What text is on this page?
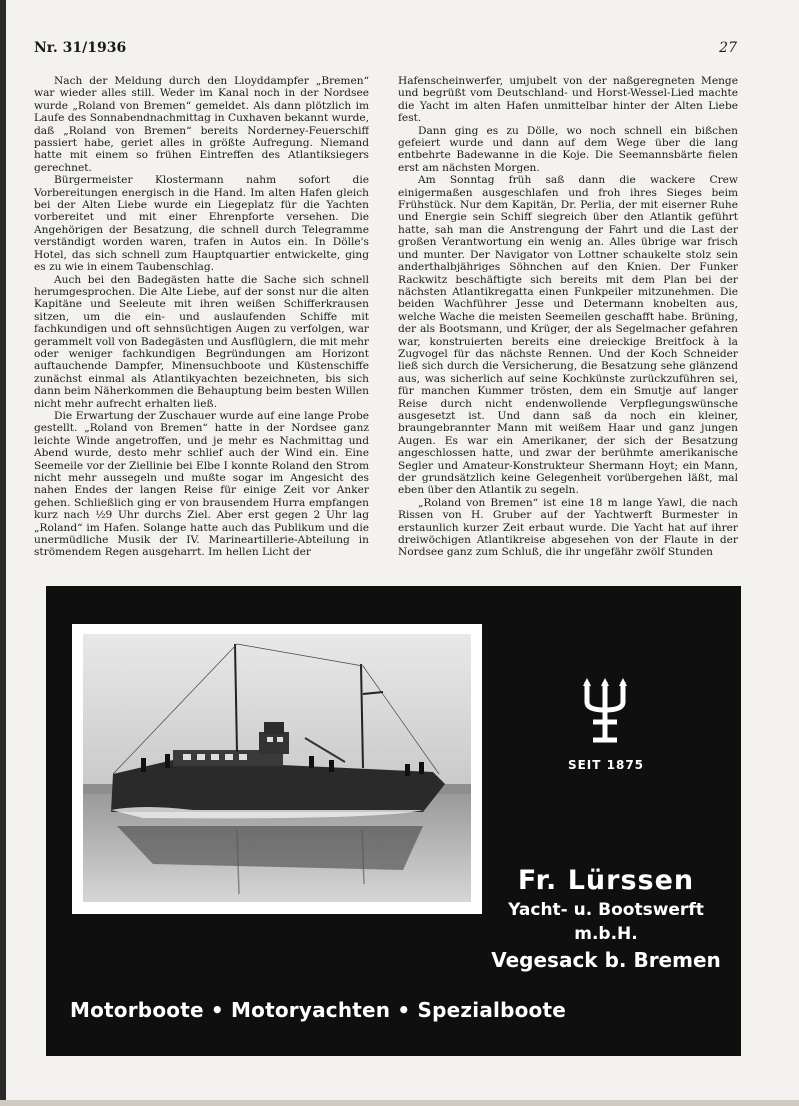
Nr. 31/1936	27

Nach der Meldung durch den Lloyddampfer „Bremen“ war wieder alles still. Weder im Kanal noch in der Nordsee wurde „Roland von Bremen“ gemeldet. Als dann plötzlich im Laufe des Sonnabendnachmittag in Cuxhaven bekannt wurde, daß „Roland von Bremen“ bereits Norderney-Feuerschiff passiert habe, geriet alles in größte Aufregung. Niemand hatte mit einem so frühen Eintreffen des Atlantiksiegers gerechnet.

Bürgermeister Klostermann nahm sofort die Vorbereitungen energisch in die Hand. Im alten Hafen gleich bei der Alten Liebe wurde ein Liegeplatz für die Yachten vorbereitet und mit einer Ehrenpforte versehen. Die Angehörigen der Besatzung, die schnell durch Telegramme verständigt worden waren, trafen in Autos ein. In Dölle's Hotel, das sich schnell zum Hauptquartier entwickelte, ging es zu wie in einem Taubenschlag.

Auch bei den Badegästen hatte die Sache sich schnell herumgesprochen. Die Alte Liebe, auf der sonst nur die alten Kapitäne und Seeleute mit ihren weißen Schifferkrausen sitzen, um die ein- und auslaufenden Schiffe mit fachkundigen und oft sehnsüchtigen Augen zu verfolgen, war gerammelt voll von Badegästen und Ausflüglern, die mit mehr oder weniger fachkundigen Begründungen am Horizont auftauchende Dampfer, Minensuchboote und Küstenschiffe zunächst einmal als Atlantikyachten bezeichneten, bis sich dann beim Näherkommen die Behauptung beim besten Willen nicht mehr aufrecht erhalten ließ.

Die Erwartung der Zuschauer wurde auf eine lange Probe gestellt. „Roland von Bremen“ hatte in der Nordsee ganz leichte Winde angetroffen, und je mehr es Nachmittag und Abend wurde, desto mehr schlief auch der Wind ein. Eine Seemeile vor der Ziellinie bei Elbe I konnte Roland den Strom nicht mehr aussegeln und mußte sogar im Angesicht des nahen Endes der langen Reise für einige Zeit vor Anker gehen. Schließlich ging er von brausendem Hurra empfangen kurz nach ½9 Uhr durchs Ziel. Aber erst gegen 2 Uhr lag „Roland“ im Hafen. Solange hatte auch das Publikum und die unermüdliche Musik der IV. Marineartillerie-Abteilung in strömendem Regen ausgeharrt. Im hellen Licht der

Hafenscheinwerfer, umjubelt von der naßgeregneten Menge und begrüßt vom Deutschland- und Horst-Wessel-Lied machte die Yacht im alten Hafen unmittelbar hinter der Alten Liebe fest.

Dann ging es zu Dölle, wo noch schnell ein bißchen gefeiert wurde und dann auf dem Wege über die lang entbehrte Badewanne in die Koje. Die Seemannsbärte fielen erst am nächsten Morgen.

Am Sonntag früh saß dann die wackere Crew einigermaßen ausgeschlafen und froh ihres Sieges beim Frühstück. Nur dem Kapitän, Dr. Perlia, der mit eiserner Ruhe und Energie sein Schiff siegreich über den Atlantik geführt hatte, sah man die Anstrengung der Fahrt und die Last der großen Verantwortung ein wenig an. Alles übrige war frisch und munter. Der Navigator von Lottner schaukelte stolz sein anderthalbjähriges Söhnchen auf den Knien. Der Funker Rackwitz beschäftigte sich bereits mit dem Plan bei der nächsten Atlantikregatta einen Funkpeiler mitzunehmen. Die beiden Wachführer Jesse und Determann knobelten aus, welche Wache die meisten Seemeilen geschafft habe. Brüning, der als Bootsmann, und Krüger, der als Segelmacher gefahren war, konstruierten bereits eine dreieckige Breitfock à la Zugvogel für das nächste Rennen. Und der Koch Schneider ließ sich durch die Versicherung, die Besatzung sehe glänzend aus, was sicherlich auf seine Kochkünste zurückzuführen sei, für manchen Kummer trösten, dem ein Smutje auf langer Reise durch nicht endenwollende Verpflegungswünsche ausgesetzt ist. Und dann saß da noch ein kleiner, braungebrannter Mann mit weißem Haar und ganz jungen Augen. Es war ein Amerikaner, der sich der Besatzung angeschlossen hatte, und zwar der berühmte amerikanische Segler und Amateur-Konstrukteur Shermann Hoyt; ein Mann, der grundsätzlich keine Gelegenheit vorübergehen läßt, mal eben über den Atlantik zu segeln.

„Roland von Bremen“ ist eine 18 m lange Yawl, die nach Rissen von H. Gruber auf der Yachtwerft Burmester in erstaunlich kurzer Zeit erbaut wurde. Die Yacht hat auf ihrer dreiwöchigen Atlantikreise abgesehen von der Flaute in der Nordsee ganz zum Schluß, die ihr ungefähr zwölf Stunden

SEIT 1875
Fr. Lürssen
Yacht- u. Bootswerft m.b.H.
Vegesack b. Bremen
Motorboote • Motoryachten • Spezialboote
